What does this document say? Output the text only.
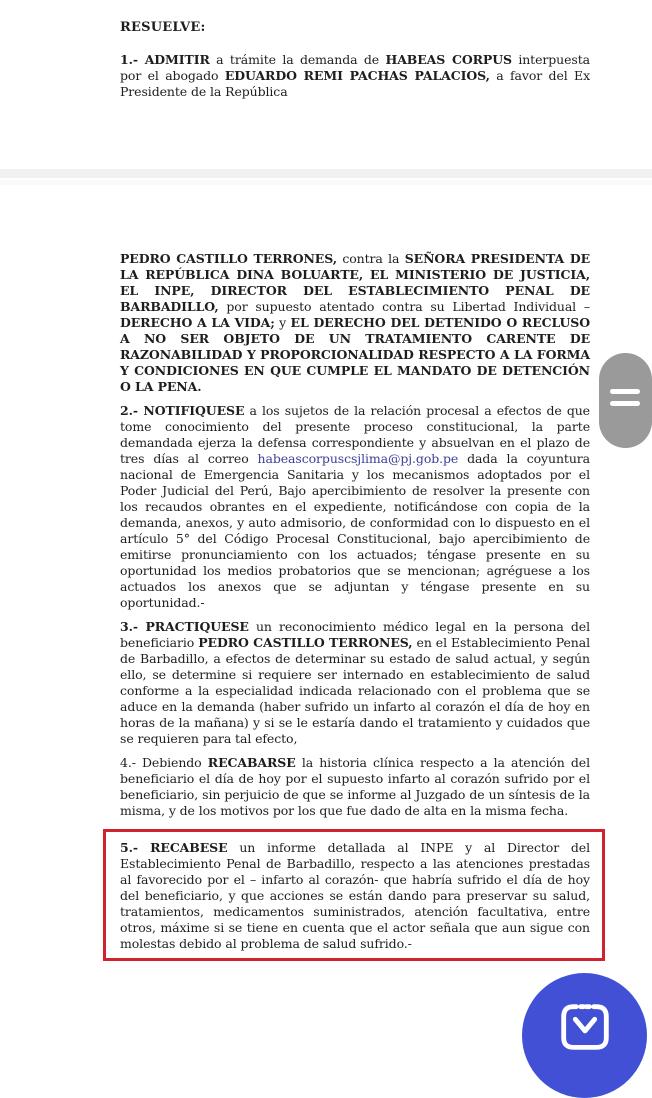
RESUELVE:

1.- ADMITIR a trámite la demanda de HABEAS CORPUS interpuesta por el abogado EDUARDO REMI PACHAS PALACIOS, a favor del Ex Presidente de la República

PEDRO CASTILLO TERRONES, contra la SEÑORA PRESIDENTA DE LA REPÚBLICA DINA BOLUARTE, EL MINISTERIO DE JUSTICIA, EL INPE, DIRECTOR DEL ESTABLECIMIENTO PENAL DE BARBADILLO, por supuesto atentado contra su Libertad Individual – DERECHO A LA VIDA; y EL DERECHO DEL DETENIDO O RECLUSO A NO SER OBJETO DE UN TRATAMIENTO CARENTE DE RAZONABILIDAD Y PROPORCIONALIDAD RESPECTO A LA FORMA Y CONDICIONES EN QUE CUMPLE EL MANDATO DE DETENCIÓN O LA PENA.

2.- NOTIFIQUESE a los sujetos de la relación procesal a efectos de que tome conocimiento del presente proceso constitucional, la parte demandada ejerza la defensa correspondiente y absuelvan en el plazo de tres días al correo habeascorpuscsjlima@pj.gob.pe dada la coyuntura nacional de Emergencia Sanitaria y los mecanismos adoptados por el Poder Judicial del Perú, Bajo apercibimiento de resolver la presente con los recaudos obrantes en el expediente, notificándose con copia de la demanda, anexos, y auto admisorio, de conformidad con lo dispuesto en el artículo 5° del Código Procesal Constitucional, bajo apercibimiento de emitirse pronunciamiento con los actuados; téngase presente en su oportunidad los medios probatorios que se mencionan; agréguese a los actuados los anexos que se adjuntan y téngase presente en su oportunidad.-

3.- PRACTIQUESE un reconocimiento médico legal en la persona del beneficiario PEDRO CASTILLO TERRONES, en el Establecimiento Penal de Barbadillo, a efectos de determinar su estado de salud actual, y según ello, se determine si requiere ser internado en establecimiento de salud conforme a la especialidad indicada relacionado con el problema que se aduce en la demanda (haber sufrido un infarto al corazón el día de hoy en horas de la mañana) y si se le estaría dando el tratamiento y cuidados que se requieren para tal efecto,

4.- Debiendo RECABARSE la historia clínica respecto a la atención del beneficiario el día de hoy por el supuesto infarto al corazón sufrido por el beneficiario, sin perjuicio de que se informe al Juzgado de un síntesis de la misma, y de los motivos por los que fue dado de alta en la misma fecha.

5.- RECABESE un informe detallada al INPE y al Director del Establecimiento Penal de Barbadillo, respecto a las atenciones prestadas al favorecido por el – infarto al corazón- que habría sufrido el día de hoy del beneficiario, y que acciones se están dando para preservar su salud, tratamientos, medicamentos suministrados, atención facultativa, entre otros, máxime si se tiene en cuenta que el actor señala que aun sigue con molestas debido al problema de salud sufrido.-
